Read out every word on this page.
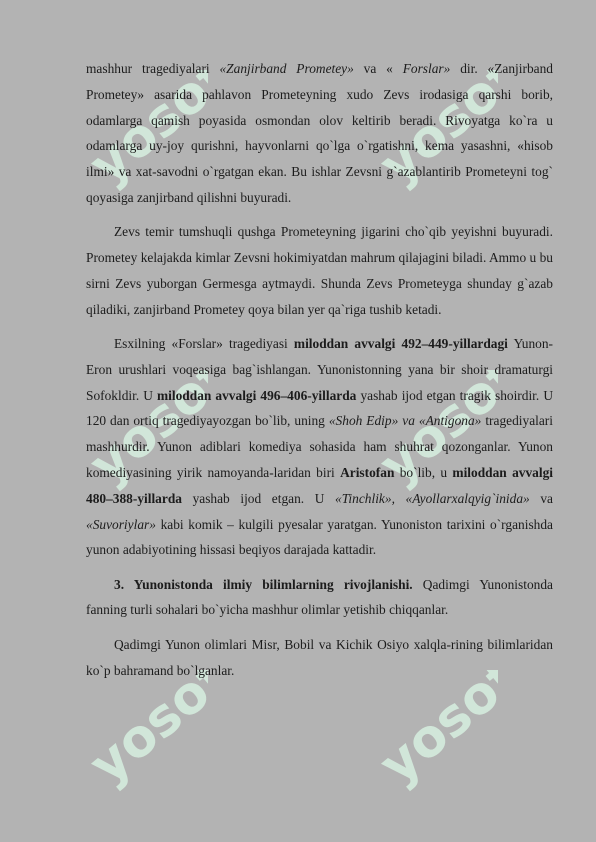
yosof yosof
yosof yosof
yosof yosof

mashhur tragediyalari «Zanjirband Prometey» va « Forslar» dir. «Zanjirband Prometey» asarida pahlavon Prometeyning xudo Zevs irodasiga qarshi borib, odamlarga qamish poyasida osmondan olov keltirib beradi. Rivoyatga ko`ra u odamlarga uy-joy qurishni, hayvonlarni qo`lga o`rgatishni, kema yasashni, «hisob ilmi» va xat-savodni o`rgatgan ekan. Bu ishlar Zevsni g`azablantirib Prometeyni tog` qoyasiga zanjirband qilishni buyuradi.

Zevs temir tumshuqli qushga Prometeyning jigarini cho`qib yeyishni buyuradi. Prometey kelajakda kimlar Zevsni hokimiyatdan mahrum qilajagini biladi. Ammo u bu sirni Zevs yuborgan Germesga aytmaydi. Shunda Zevs Prometeyga shunday g`azab qiladiki, zanjirband Prometey qoya bilan yer qa`riga tushib ketadi.

Esxilning «Forslar» tragediyasi miloddan avvalgi 492–449-yillardagi Yunon-Eron urushlari voqeasiga bag`ishlangan. Yunonistonning yana bir shoir dramaturgi Sofokldir. U miloddan avvalgi 496–406-yillarda yashab ijod etgan tragik shoirdir. U 120 dan ortiq tragediyayozgan bo`lib, uning «Shoh Edip» va «Antigona» tragediyalari mashhurdir. Yunon adiblari komediya sohasida ham shuhrat qozonganlar. Yunon komediyasining yirik namoyanda-laridan biri Aristofan bo`lib, u miloddan avvalgi 480–388-yillarda yashab ijod etgan. U «Tinchlik», «Ayollarxalqyig`inida» va «Suvoriylar» kabi komik – kulgili pyesalar yaratgan. Yunoniston tarixini o`rganishda yunon adabiyotining hissasi beqiyos darajada kattadir.

3. Yunonistonda ilmiy bilimlarning rivojlanishi. Qadimgi Yunonistonda fanning turli sohalari bo`yicha mashhur olimlar yetishib chiqqanlar.

Qadimgi Yunon olimlari Misr, Bobil va Kichik Osiyo xalqla-rining bilimlaridan ko`p bahramand bo`lganlar.
